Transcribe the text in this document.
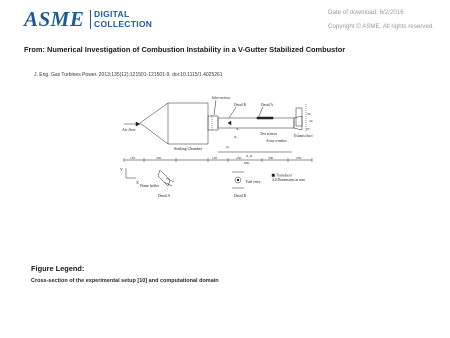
ASME DIGITAL
COLLECTION
Date of download: 6/2/2016
Copyright © ASME. All rights reserved.
From: Numerical Investigation of Combustion Instability in a V-Gutter Stabilized Combustor
J. Eng. Gas Turbines Power. 2013;135(12):121501-121501-9. doi:10.1115/1.4025261
Air flow
Settling Chamber
Inlet section
Detail B	Detail A
X₁
X₂
X₀
X_R
Test section
Array window
30
50
25
Exhaust duct
110	595	165	250	330	250
690
Y
X
Flame holder
Detail A
Fuel entry
Detail B
Transducer
All Dimensions in mm
Figure Legend:
Cross-section of the experimental setup [10] and computational domain
